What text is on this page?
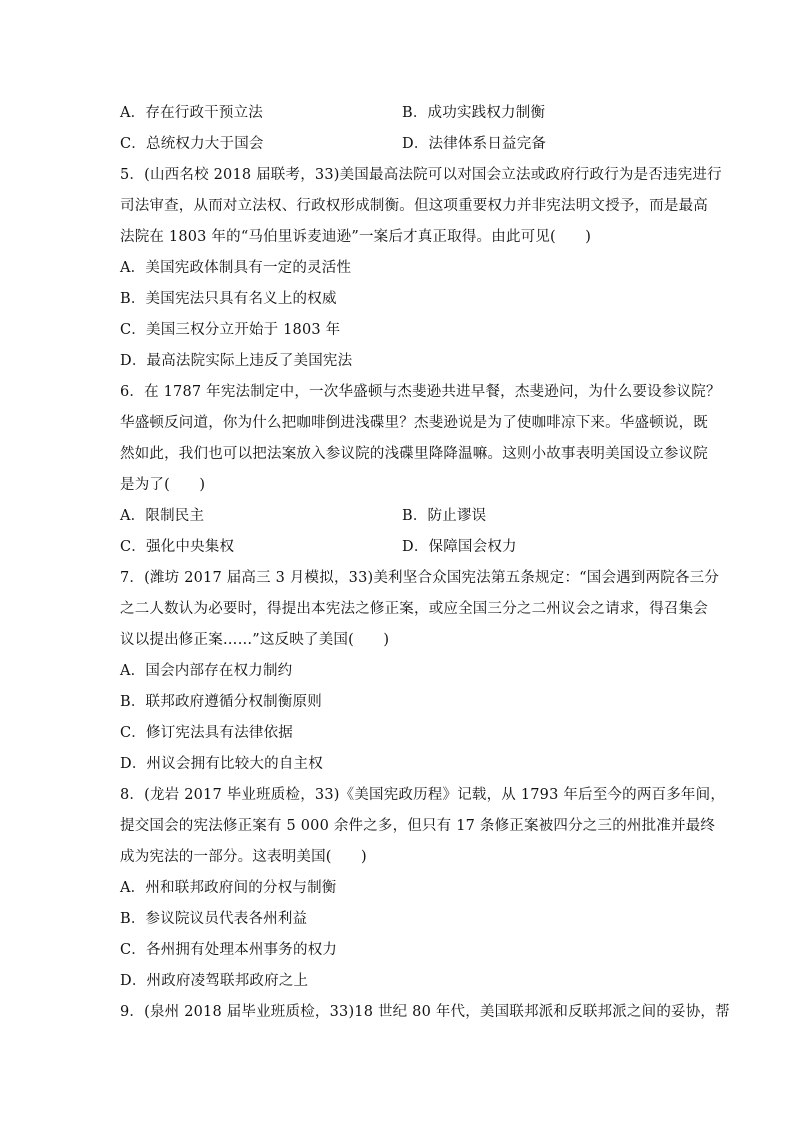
A．存在行政干预立法	B．成功实践权力制衡
C．总统权力大于国会	D．法律体系日益完备
5．(山西名校 2018 届联考，33)美国最高法院可以对国会立法或政府行政行为是否违宪进行
司法审查，从而对立法权、行政权形成制衡。但这项重要权力并非宪法明文授予，而是最高
法院在 1803 年的“马伯里诉麦迪逊”一案后才真正取得。由此可见(　　)
A．美国宪政体制具有一定的灵活性
B．美国宪法只具有名义上的权威
C．美国三权分立开始于 1803 年
D．最高法院实际上违反了美国宪法
6．在 1787 年宪法制定中，一次华盛顿与杰斐逊共进早餐，杰斐逊问，为什么要设参议院？
华盛顿反问道，你为什么把咖啡倒进浅碟里？杰斐逊说是为了使咖啡凉下来。华盛顿说，既
然如此，我们也可以把法案放入参议院的浅碟里降降温嘛。这则小故事表明美国设立参议院
是为了(　　)
A．限制民主	B．防止谬误
C．强化中央集权	D．保障国会权力
7．(潍坊 2017 届高三 3 月模拟，33)美利坚合众国宪法第五条规定：“国会遇到两院各三分
之二人数认为必要时，得提出本宪法之修正案，或应全国三分之二州议会之请求，得召集会
议以提出修正案……”这反映了美国(　　)
A．国会内部存在权力制约
B．联邦政府遵循分权制衡原则
C．修订宪法具有法律依据
D．州议会拥有比较大的自主权
8．(龙岩 2017 毕业班质检，33)《美国宪政历程》记载，从 1793 年后至今的两百多年间，
提交国会的宪法修正案有 5 000 余件之多，但只有 17 条修正案被四分之三的州批准并最终
成为宪法的一部分。这表明美国(　　)
A．州和联邦政府间的分权与制衡
B．参议院议员代表各州利益
C．各州拥有处理本州事务的权力
D．州政府凌驾联邦政府之上
9．(泉州 2018 届毕业班质检，33)18 世纪 80 年代，美国联邦派和反联邦派之间的妥协，帮
